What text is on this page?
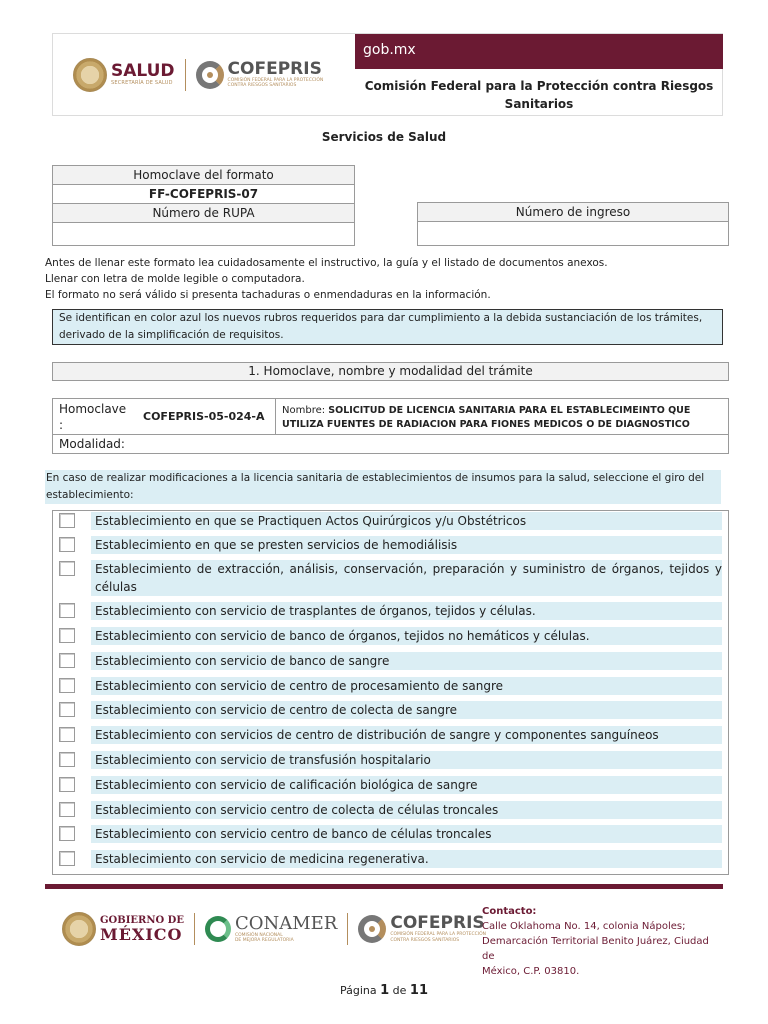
SALUD
SECRETARÍA DE SALUD
COFEPRIS
COMISIÓN FEDERAL PARA LA PROTECCIÓN
CONTRA RIESGOS SANITARIOS
gob.mx
Comisión Federal para la Protección contra Riesgos Sanitarios
Servicios de Salud
Homoclave del formato
FF-COFEPRIS-07
Número de RUPA	Número de ingreso
Antes de llenar este formato lea cuidadosamente el instructivo, la guía y el listado de documentos anexos.
Llenar con letra de molde legible o computadora.
El formato no será válido si presenta tachaduras o enmendaduras en la información.
Se identifican en color azul los nuevos rubros requeridos para dar cumplimiento a la debida sustanciación de los trámites, derivado de la simplificación de requisitos.
1. Homoclave, nombre y modalidad del trámite
Homoclave :
COFEPRIS-05-024-A Nombre: SOLICITUD DE LICENCIA SANITARIA PARA EL ESTABLECIMEINTO QUE UTILIZA FUENTES DE RADIACION PARA FIONES MEDICOS O DE DIAGNOSTICO
Modalidad:
En caso de realizar modificaciones a la licencia sanitaria de establecimientos de insumos para la salud, seleccione el giro del establecimiento:
Establecimiento en que se Practiquen Actos Quirúrgicos y/u Obstétricos
Establecimiento en que se presten servicios de hemodiálisis
Establecimiento de extracción, análisis, conservación, preparación y suministro de órganos, tejidos y células
Establecimiento con servicio de trasplantes de órganos, tejidos y células.
Establecimiento con servicio de banco de órganos, tejidos no hemáticos y células.
Establecimiento con servicio de banco de sangre
Establecimiento con servicio de centro de procesamiento de sangre
Establecimiento con servicio de centro de colecta de sangre
Establecimiento con servicios de centro de distribución de sangre y componentes sanguíneos
Establecimiento con servicio de transfusión hospitalario
Establecimiento con servicio de calificación biológica de sangre
Establecimiento con servicio centro de colecta de células troncales
Establecimiento con servicio centro de banco de células troncales
Establecimiento con servicio de medicina regenerativa.
GOBIERNO DE
MÉXICO
CONAMER
COMISIÓN NACIONAL
DE MEJORA REGULATORIA
COFEPRIS
COMISIÓN FEDERAL PARA LA PROTECCIÓN
CONTRA RIESGOS SANITARIOS
Contacto:
Calle Oklahoma No. 14, colonia Nápoles;
Demarcación Territorial Benito Juárez, Ciudad de
México, C.P. 03810.
Página 1 de 11
